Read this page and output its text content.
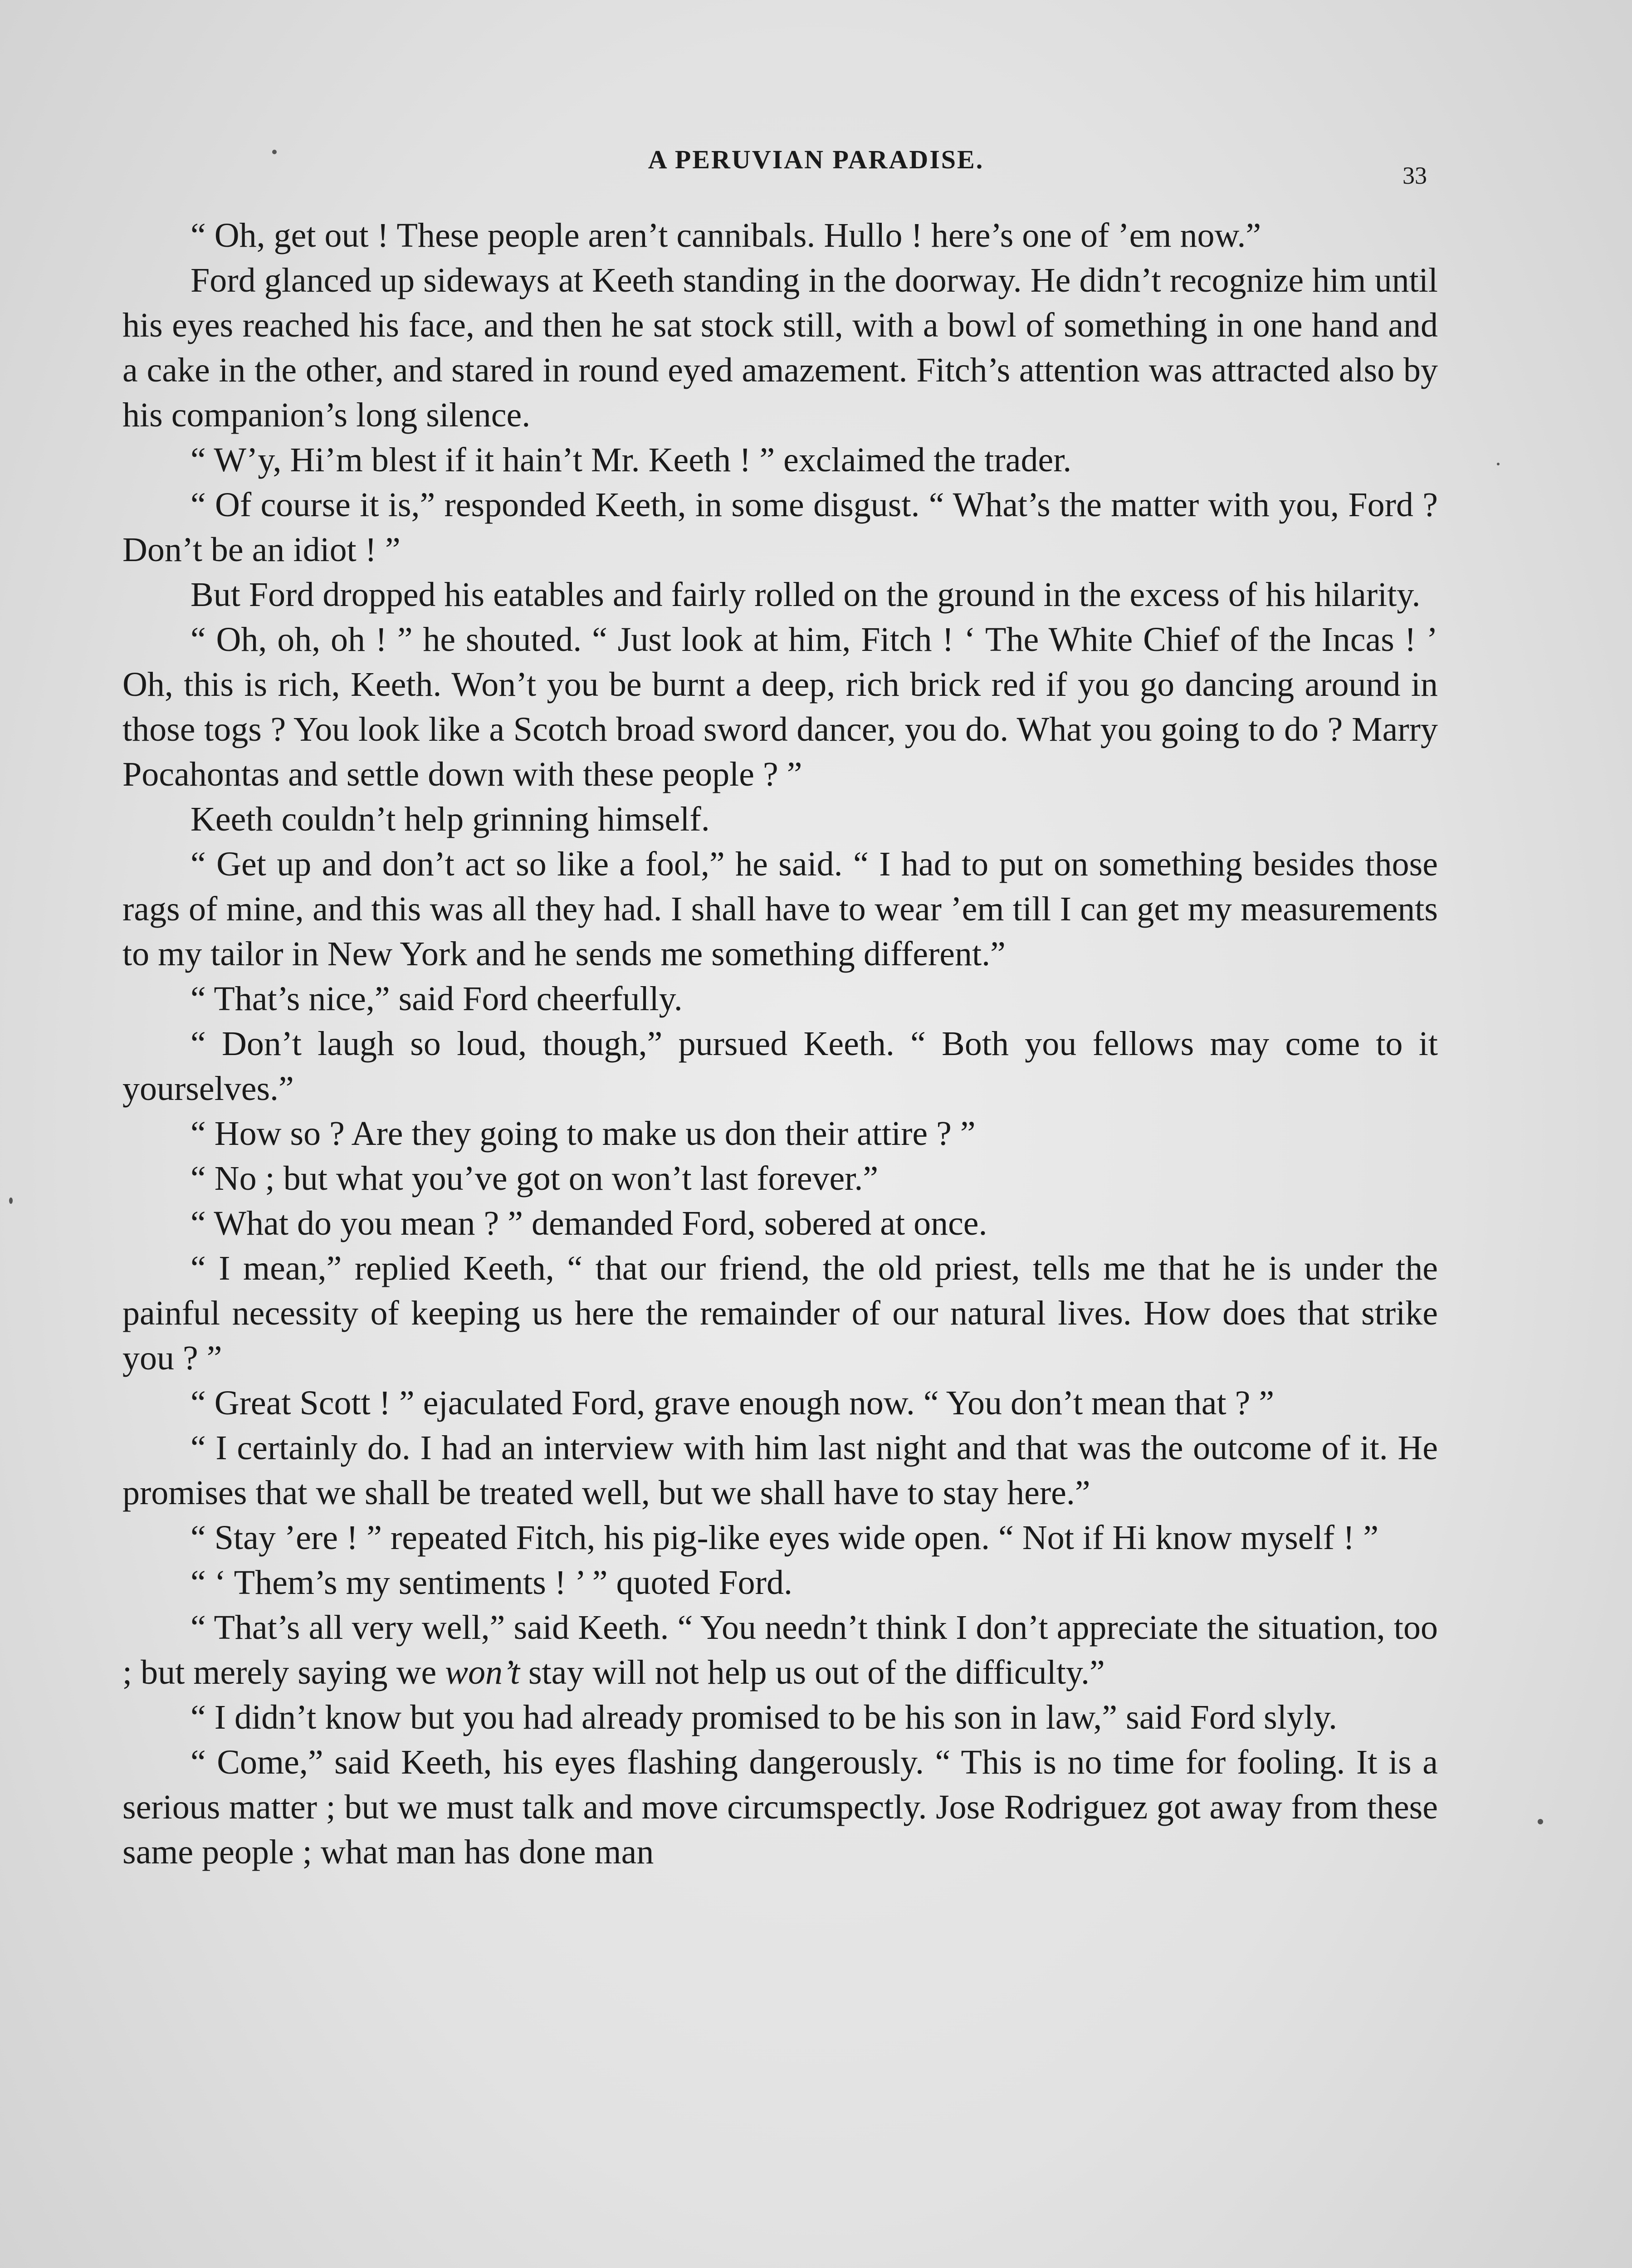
A PERUVIAN PARADISE.
33

“ Oh, get out ! These people aren’t cannibals. Hullo ! here’s one of ’em now.”

Ford glanced up sideways at Keeth standing in the doorway. He didn’t recognize him until his eyes reached his face, and then he sat stock still, with a bowl of something in one hand and a cake in the other, and stared in round eyed amazement. Fitch’s attention was attracted also by his companion’s long silence.

“ W’y, Hi’m blest if it hain’t Mr. Keeth ! ” exclaimed the trader.

“ Of course it is,” responded Keeth, in some disgust. “ What’s the matter with you, Ford ? Don’t be an idiot ! ”

But Ford dropped his eatables and fairly rolled on the ground in the excess of his hilarity.

“ Oh, oh, oh ! ” he shouted. “ Just look at him, Fitch ! ‘ The White Chief of the Incas ! ’ Oh, this is rich, Keeth. Won’t you be burnt a deep, rich brick red if you go dancing around in those togs ? You look like a Scotch broad sword dancer, you do. What you going to do ? Marry Pocahontas and settle down with these people ? ”

Keeth couldn’t help grinning himself.

“ Get up and don’t act so like a fool,” he said. “ I had to put on something besides those rags of mine, and this was all they had. I shall have to wear ’em till I can get my measurements to my tailor in New York and he sends me something different.”

“ That’s nice,” said Ford cheerfully.

“ Don’t laugh so loud, though,” pursued Keeth. “ Both you fellows may come to it yourselves.”

“ How so ? Are they going to make us don their attire ? ”

“ No ; but what you’ve got on won’t last forever.”

“ What do you mean ? ” demanded Ford, sobered at once.

“ I mean,” replied Keeth, “ that our friend, the old priest, tells me that he is under the painful necessity of keeping us here the remainder of our natural lives. How does that strike you ? ”

“ Great Scott ! ” ejaculated Ford, grave enough now. “ You don’t mean that ? ”

“ I certainly do. I had an interview with him last night and that was the outcome of it. He promises that we shall be treated well, but we shall have to stay here.”

“ Stay ’ere ! ” repeated Fitch, his pig-like eyes wide open. “ Not if Hi know myself ! ”

“ ‘ Them’s my sentiments ! ’ ” quoted Ford.

“ That’s all very well,” said Keeth. “ You needn’t think I don’t appreciate the situation, too ; but merely saying we won’t stay will not help us out of the difficulty.”

“ I didn’t know but you had already promised to be his son in law,” said Ford slyly.

“ Come,” said Keeth, his eyes flashing dangerously. “ This is no time for fooling. It is a serious matter ; but we must talk and move circumspectly. Jose Rodriguez got away from these same people ; what man has done man
